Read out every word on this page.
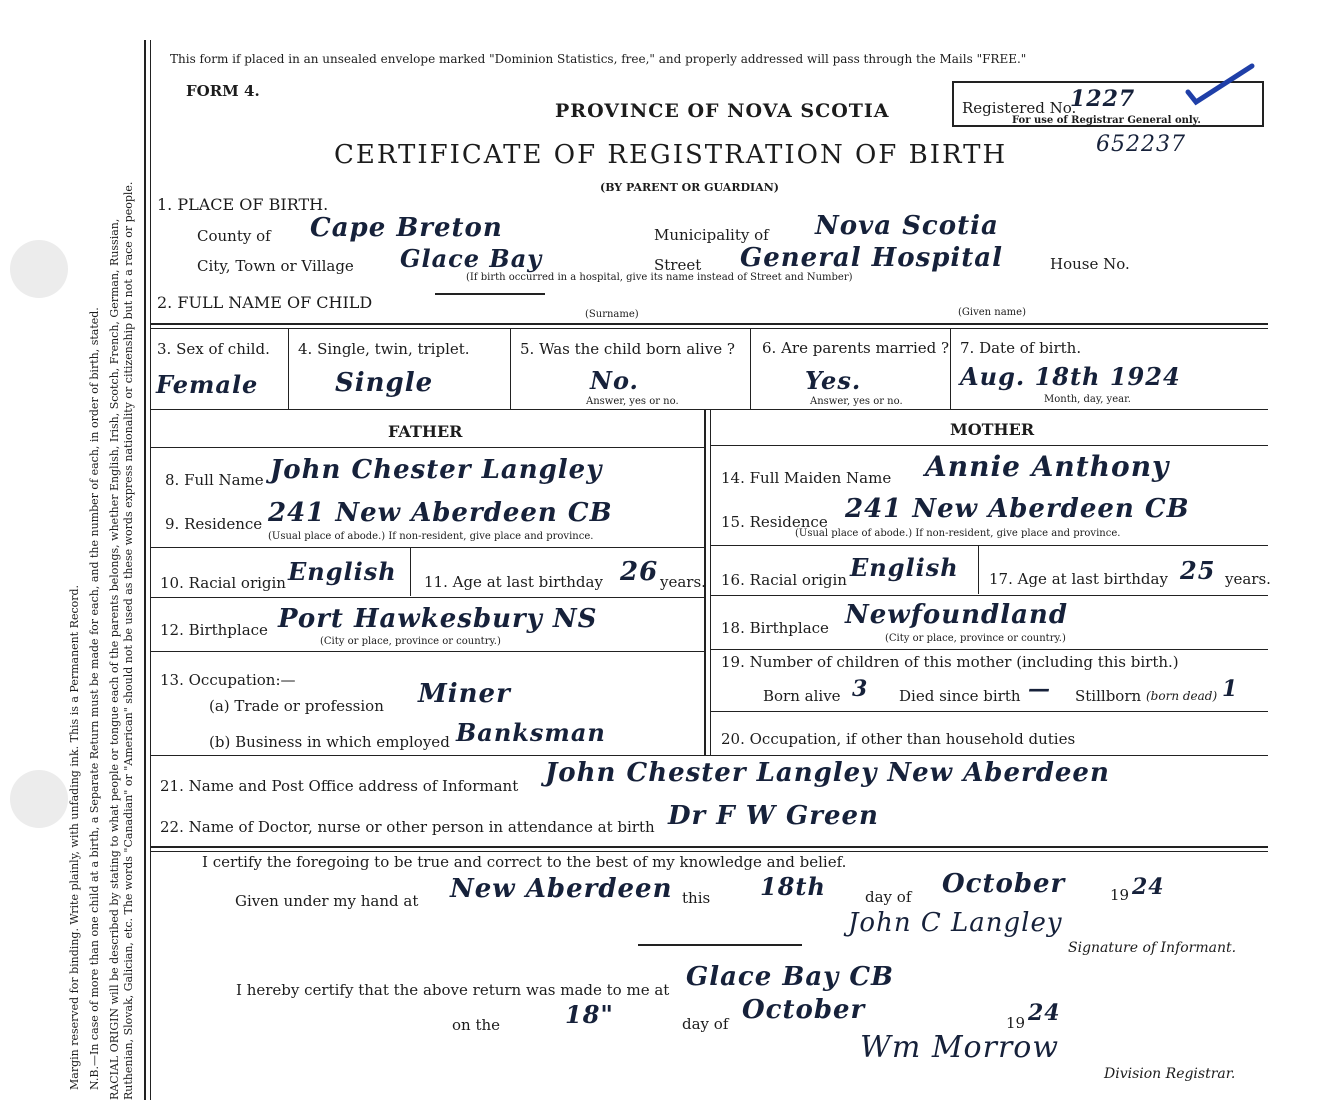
Margin reserved for binding. Write plainly, with unfading ink. This is a Permanent Record. N.B.—In case of more than one child at a birth, a Separate Return must be made for each, and the number of each, in order of birth, stated. RACIAL ORIGIN will be described by stating to what people or tongue each of the parents belongs, whether English, Irish, Scotch, French, German, Russian, Ruthenian, Slovak, Galician, etc. The words "Canadian" or "American" should not be used as these words express nationality or citizenship but not a race or people.
This form if placed in an unsealed envelope marked "Dominion Statistics, free," and properly addressed will pass through the Mails "FREE."
FORM 4.
PROVINCE OF NOVA SCOTIA
CERTIFICATE OF REGISTRATION OF BIRTH
(BY PARENT OR GUARDIAN)
652237
Registered No.
1227
For use of Registrar General only.
1. PLACE OF BIRTH.
County of Cape Breton	Municipality of Nova Scotia
City, Town or Village Glace Bay	Street General Hospital	House No.
(If birth occurred in a hospital, give its name instead of Street and Number)
2. FULL NAME OF CHILD
(Surname)	(Given name)
3. Sex of child.
Female
4. Single, twin, triplet.
Single
5. Was the child born alive ?
No.
Answer, yes or no.
6. Are parents married ?
Yes.
Answer, yes or no.
7. Date of birth.
Aug. 18th 1924
Month, day, year.
FATHER	MOTHER
8. Full Name John Chester Langley
9. Residence 241 New Aberdeen CB
(Usual place of abode.) If non-resident, give place and province.
10. Racial origin English 11. Age at last birthday 26 years.
12. Birthplace Port Hawkesbury NS
(City or place, province or country.)
13. Occupation:—
(a) Trade or profession Miner
(b) Business in which employed Banksman
14. Full Maiden Name Annie Anthony
15. Residence 241 New Aberdeen CB
(Usual place of abode.) If non-resident, give place and province.
16. Racial origin English 17. Age at last birthday 25 years.
18. Birthplace Newfoundland
(City or place, province or country.)
19. Number of children of this mother (including this birth.)
Born alive 3 Died since birth — Stillborn (born dead) 1
20. Occupation, if other than household duties
21. Name and Post Office address of Informant John Chester Langley New Aberdeen
22. Name of Doctor, nurse or other person in attendance at birth Dr F W Green
I certify the foregoing to be true and correct to the best of my knowledge and belief.
Given under my hand at New Aberdeen this 18th	day of October	19 24
John C Langley
Signature of Informant.
I hereby certify that the above return was made to me at Glace Bay CB
on the	18"	day of October	19 24
Wm Morrow
Division Registrar.
